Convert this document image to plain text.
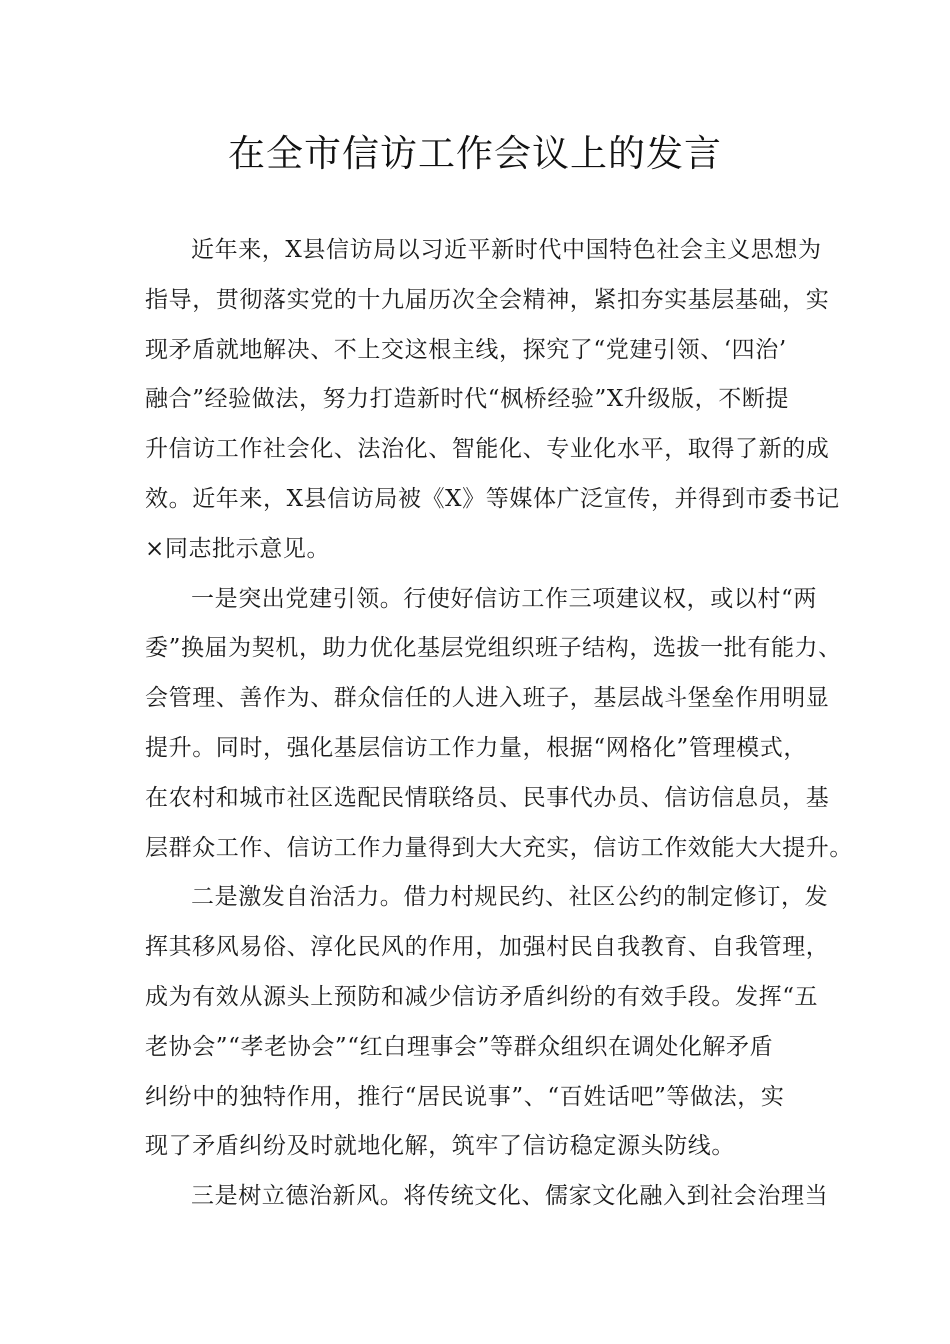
在全市信访工作会议上的发言
近年来，X县信访局以习近平新时代中国特色社会主义思想为
指导，贯彻落实党的十九届历次全会精神，紧扣夯实基层基础，实
现矛盾就地解决、不上交这根主线，探究了“党建引领、‘四治’
融合”经验做法，努力打造新时代“枫桥经验”X升级版，不断提
升信访工作社会化、法治化、智能化、专业化水平，取得了新的成
效。近年来，X县信访局被《X》等媒体广泛宣传，并得到市委书记
×同志批示意见。
一是突出党建引领。行使好信访工作三项建议权，或以村“两
委”换届为契机，助力优化基层党组织班子结构，选拔一批有能力、
会管理、善作为、群众信任的人进入班子，基层战斗堡垒作用明显
提升。同时，强化基层信访工作力量，根据“网格化”管理模式，
在农村和城市社区选配民情联络员、民事代办员、信访信息员，基
层群众工作、信访工作力量得到大大充实，信访工作效能大大提升。
二是激发自治活力。借力村规民约、社区公约的制定修订，发
挥其移风易俗、淳化民风的作用，加强村民自我教育、自我管理，
成为有效从源头上预防和减少信访矛盾纠纷的有效手段。发挥“五
老协会”“孝老协会”“红白理事会”等群众组织在调处化解矛盾
纠纷中的独特作用，推行“居民说事”、“百姓话吧”等做法，实
现了矛盾纠纷及时就地化解，筑牢了信访稳定源头防线。
三是树立德治新风。将传统文化、儒家文化融入到社会治理当
